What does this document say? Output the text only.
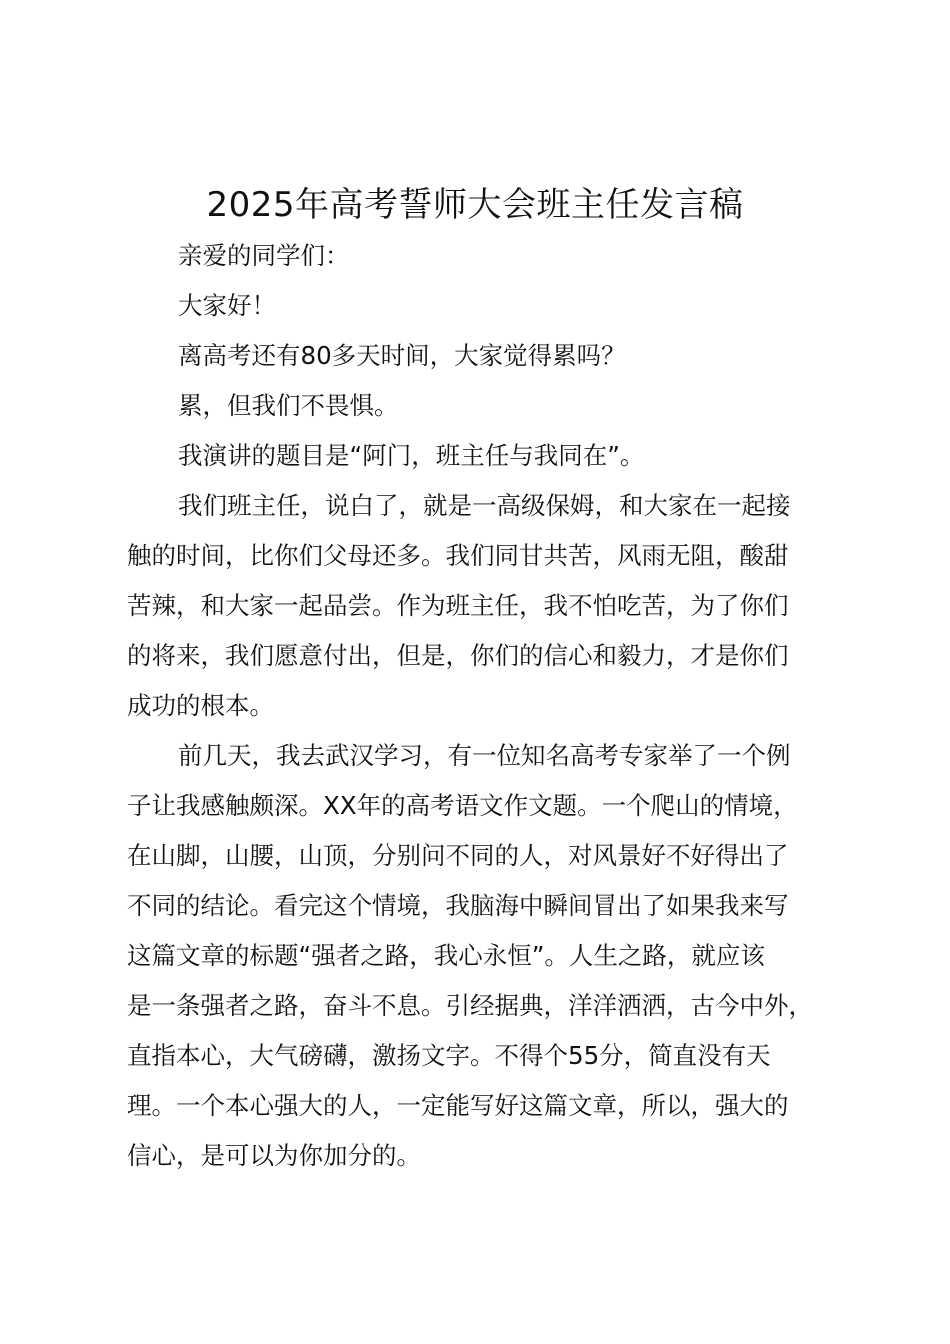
2025年高考誓师大会班主任发言稿
亲爱的同学们：
大家好！
离高考还有80多天时间，大家觉得累吗？
累，但我们不畏惧。
我演讲的题目是“阿门，班主任与我同在”。
我们班主任，说白了，就是一高级保姆，和大家在一起接
触的时间，比你们父母还多。我们同甘共苦，风雨无阻，酸甜
苦辣，和大家一起品尝。作为班主任，我不怕吃苦，为了你们
的将来，我们愿意付出，但是，你们的信心和毅力，才是你们
成功的根本。
前几天，我去武汉学习，有一位知名高考专家举了一个例
子让我感触颇深。XX年的高考语文作文题。一个爬山的情境，
在山脚，山腰，山顶，分别问不同的人，对风景好不好得出了
不同的结论。看完这个情境，我脑海中瞬间冒出了如果我来写
这篇文章的标题“强者之路，我心永恒”。人生之路，就应该
是一条强者之路，奋斗不息。引经据典，洋洋洒洒，古今中外，
直指本心，大气磅礴，激扬文字。不得个55分，简直没有天
理。一个本心强大的人，一定能写好这篇文章，所以，强大的
信心，是可以为你加分的。
